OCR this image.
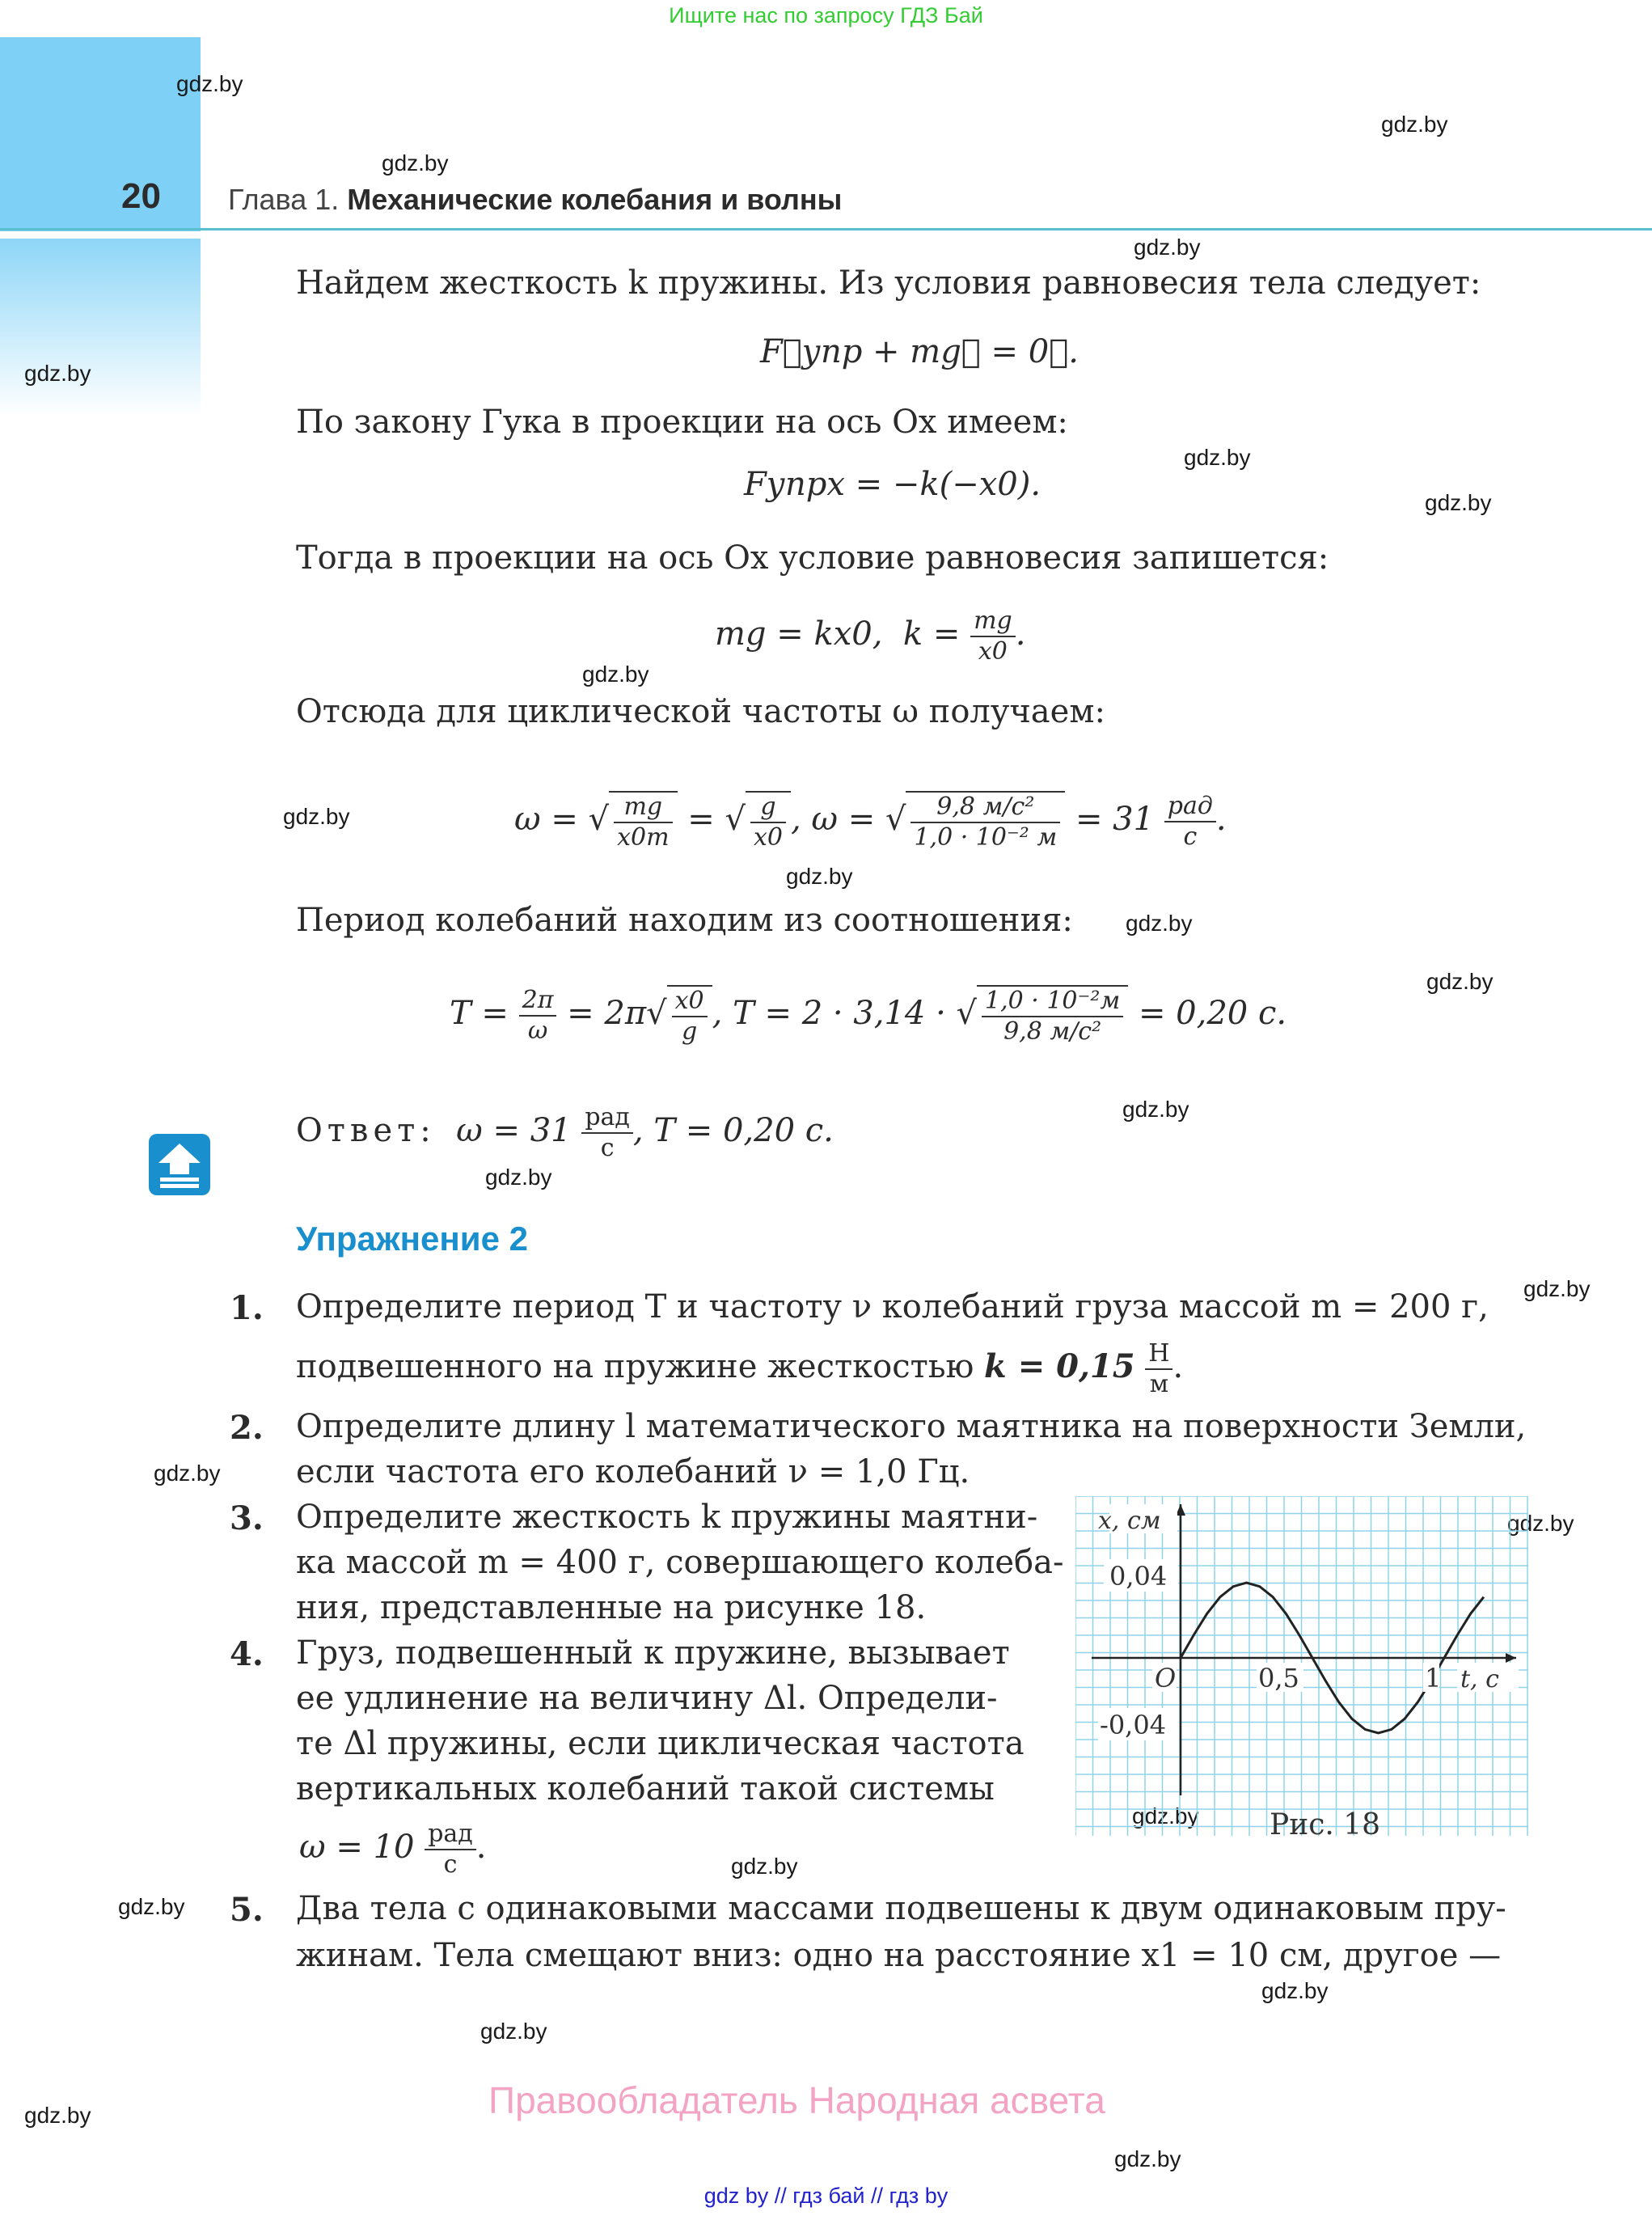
Ищите нас по запросу ГДЗ Бай
20 Глава 1. Механические колебания и волны
gdz.by
gdz.by
gdz.by
gdz.by
gdz.by
gdz.by
gdz.by
gdz.by
gdz.by
gdz.by
gdz.by
gdz.by
gdz.by
gdz.by
gdz.by
gdz.by
gdz.by
gdz.by
gdz.by
gdz.by
gdz.by
gdz.by
gdz.by
gdz.by
Найдем жесткость k пружины. Из условия равновесия тела следует:
F⃗упр + mg⃗ = 0⃗.
По закону Гука в проекции на ось Ox имеем:
Fупрx = −k(−x0).
Тогда в проекции на ось Ox условие равновесия запишется:
mg = kx0, $k = \frac{mg}{x0}$ .
Отсюда для циклической частоты ω получаем:
ω = √ $\frac{mg}{x0m}$ = √ $\frac{g}{x0}$ , ω = √ $\frac{\text{9,8 м/с²}}{\text{1,0 · 10⁻² м}} = 31 \frac{\text{рад}}{с}$ .
Период колебаний находим из соотношения:
$T = \frac{2\pi}{\omega} = 2\pi√ \frac{x0}{g}$ , T = 2 · 3,14 · √ $\frac{\text{1,0 · 10⁻²м}}{\text{9,8 м/с²}} = 0,20$ с.
Ответ: $\omega = 31 \frac{\text{рад}}{с}$ , T = 0,20 с.
Упражнение 2
1. Определите период T и частоту ν колебаний груза массой m = 200 г,
подвешенного на пружине жесткостью $k = 0,15 \frac{Н}{м}$ .
2. Определите длину l математического маятника на поверхности Земли,
если частота его колебаний ν = 1,0 Гц.
3. Определите жесткость k пружины маятни-
ка массой m = 400 г, совершающего колеба-
ния, представленные на рисунке 18.
4. Груз, подвешенный к пружине, вызывает
ее удлинение на величину Δl. Определи-
те Δl пружины, если циклическая частота
вертикальных колебаний такой системы
$\omega = 10 \frac{\text{рад}}{с}$ .
5. Два тела с одинаковыми массами подвешены к двум одинаковым пру-
жинам. Тела смещают вниз: одно на расстояние x1 = 10 см, другое —
0,04
-0,04
x, см
O	0,5	1 t, с
Рис. 18
Правообладатель Народная асвета
gdz by // гдз бай // гдз by
